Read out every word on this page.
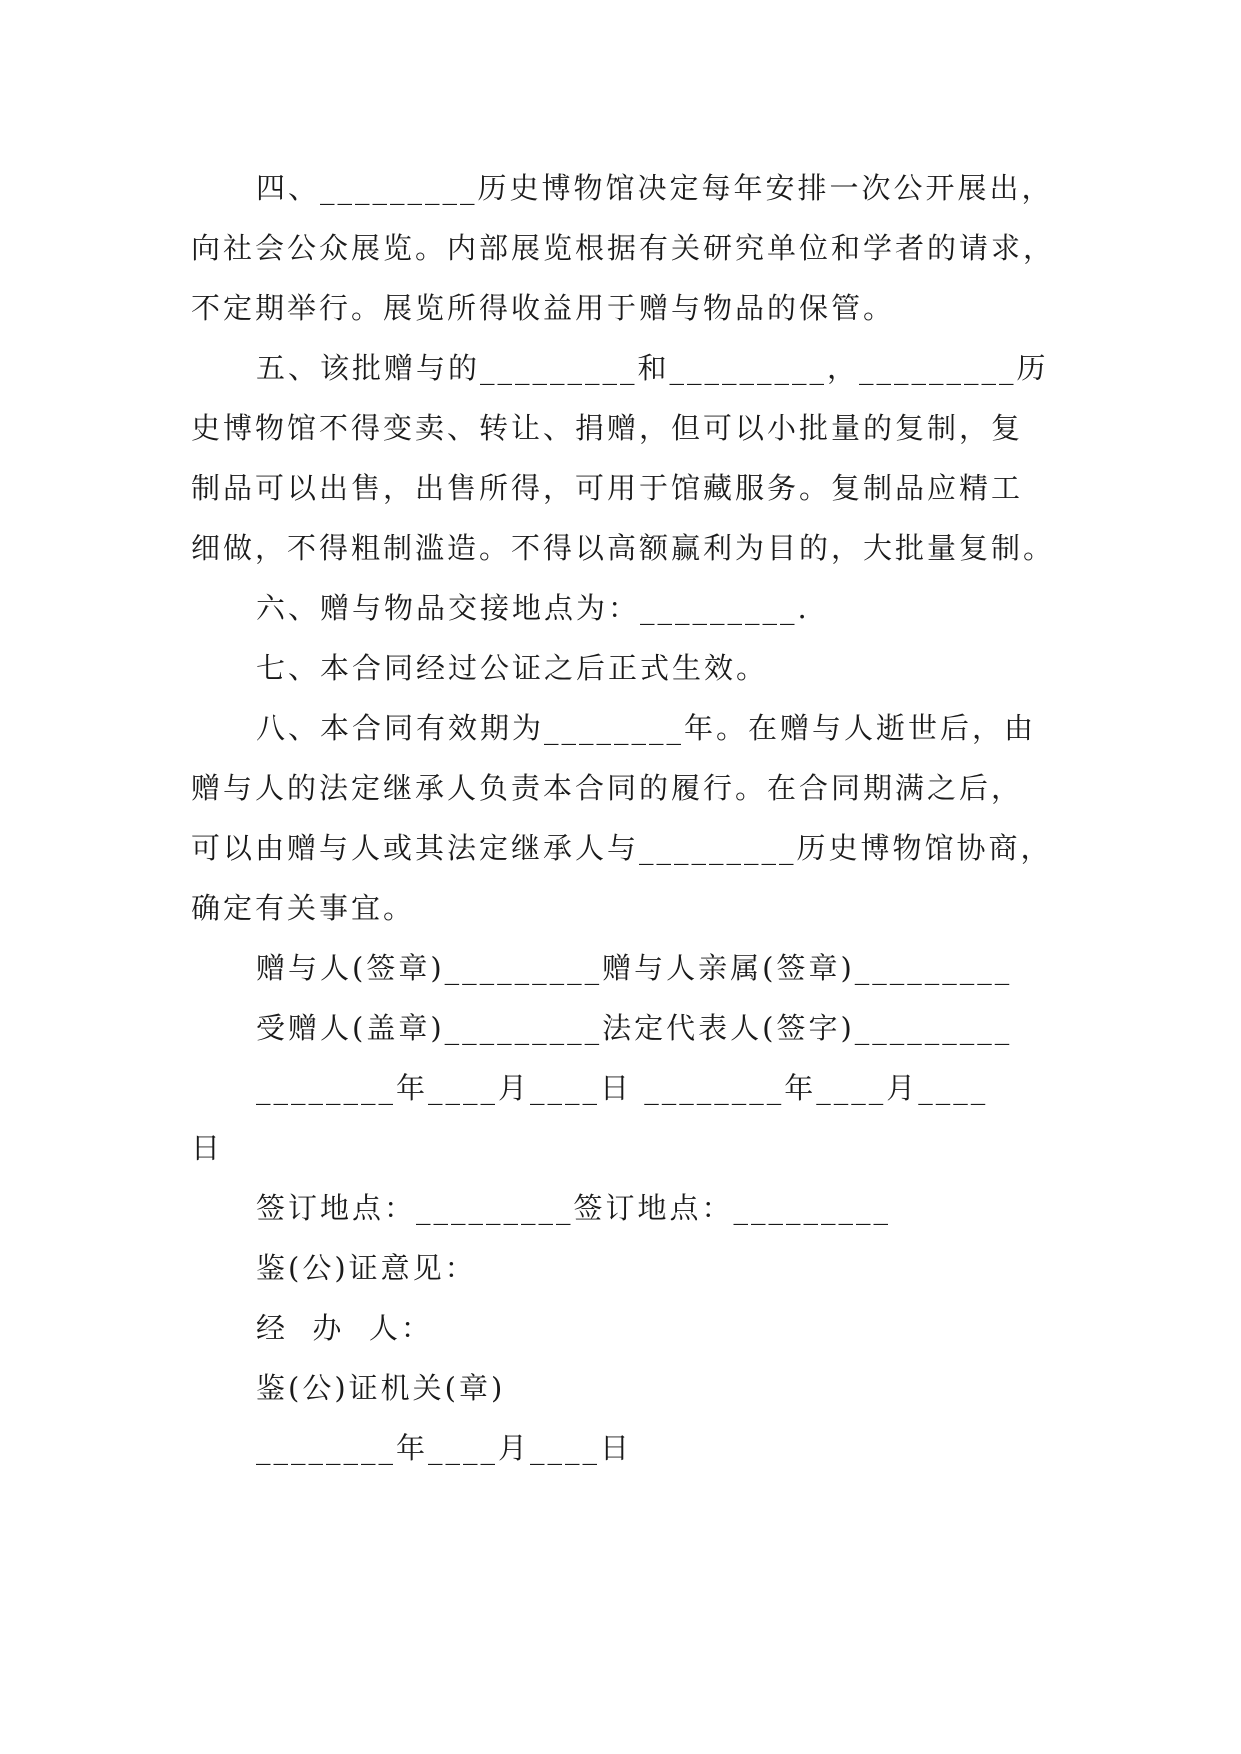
四、_________历史博物馆决定每年安排一次公开展出，
向社会公众展览。内部展览根据有关研究单位和学者的请求，
不定期举行。展览所得收益用于赠与物品的保管。
五、该批赠与的_________和_________，_________历
史博物馆不得变卖、转让、捐赠，但可以小批量的复制，复
制品可以出售，出售所得，可用于馆藏服务。复制品应精工
细做，不得粗制滥造。不得以高额赢利为目的，大批量复制。
六、赠与物品交接地点为：_________.
七、本合同经过公证之后正式生效。
八、本合同有效期为________年。在赠与人逝世后，由
赠与人的法定继承人负责本合同的履行。在合同期满之后，
可以由赠与人或其法定继承人与_________历史博物馆协商，
确定有关事宜。
赠与人(签章)_________赠与人亲属(签章)_________
受赠人(盖章)_________法定代表人(签字)_________
________年____月____日 ________年____月____
日
签订地点：_________签订地点：_________
鉴(公)证意见：
经  办  人：
鉴(公)证机关(章)
________年____月____日
